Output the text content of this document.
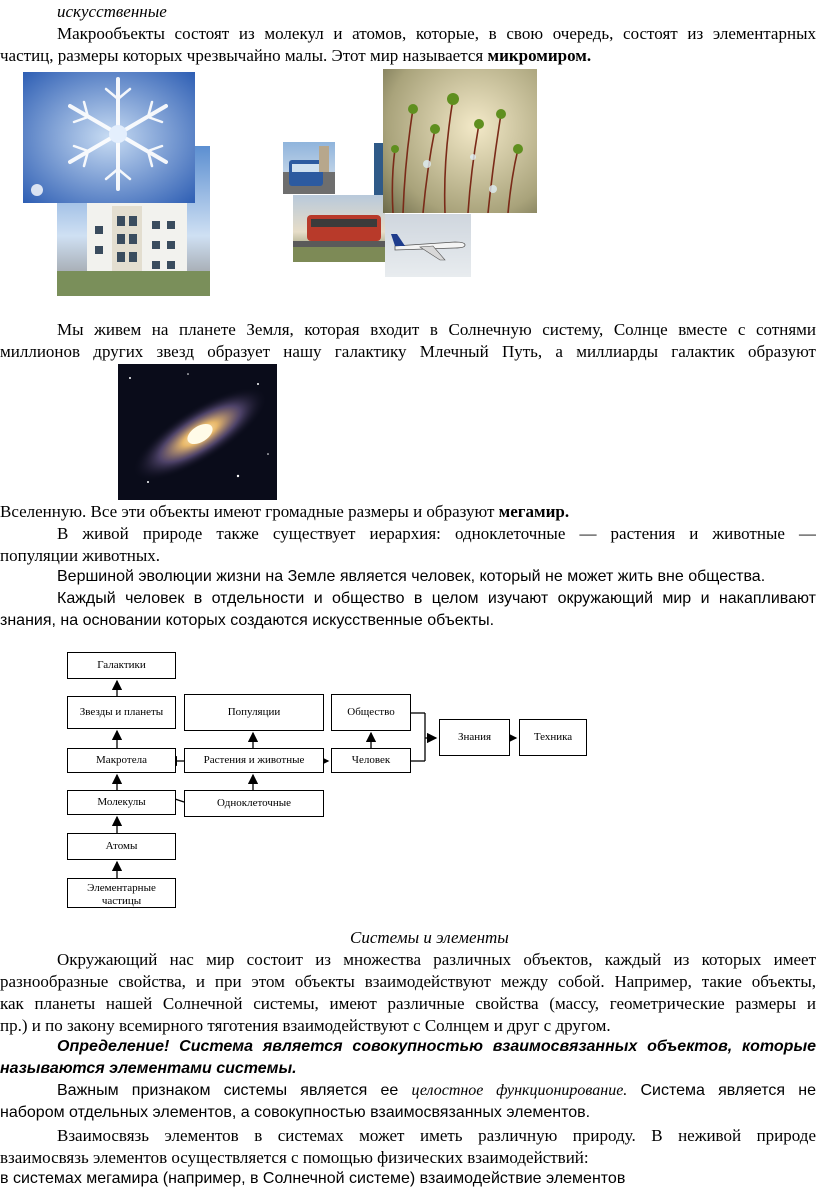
искусственные
Макрообъекты состоят из молекул и атомов, которые, в свою очередь, состоят из элементарных
частиц, размеры которых чрезвычайно малы. Этот мир называется микромиром.
Мы живем на планете Земля, которая входит в Солнечную систему, Солнце вместе с сотнями
миллионов других звезд образует нашу галактику Млечный Путь, а миллиарды галактик образуют
Вселенную. Все эти объекты имеют громадные размеры и образуют мегамир.
В живой природе также существует иерархия: одноклеточные — растения и животные —
популяции животных.
Вершиной эволюции жизни на Земле является человек, который не может жить вне общества.
Каждый человек в отдельности и общество в целом изучают окружающий мир и накапливают
знания, на основании которых создаются искусственные объекты.
Галактики
Звезды и планеты
Макротела
Молекулы
Атомы
Элементарные частицы
Популяции
Растения и животные
Одноклеточные
Общество
Человек
Знания	Техника
Системы и элементы
Окружающий нас мир состоит из множества различных объектов, каждый из которых имеет
разнообразные свойства, и при этом объекты взаимодействуют между собой. Например, такие объекты,
как планеты нашей Солнечной системы, имеют различные свойства (массу, геометрические размеры и
пр.) и по закону всемирного тяготения взаимодействуют с Солнцем и друг с другом.
Определение! Система является совокупностью взаимосвязанных объектов, которые
называются элементами системы.
Важным признаком системы является ее целостное функционирование. Система является не
набором отдельных элементов, а совокупностью взаимосвязанных элементов.
Взаимосвязь элементов в системах может иметь различную природу. В неживой природе
взаимосвязь элементов осуществляется с помощью физических взаимодействий:
в системах мегамира (например, в Солнечной системе) взаимодействие элементов
